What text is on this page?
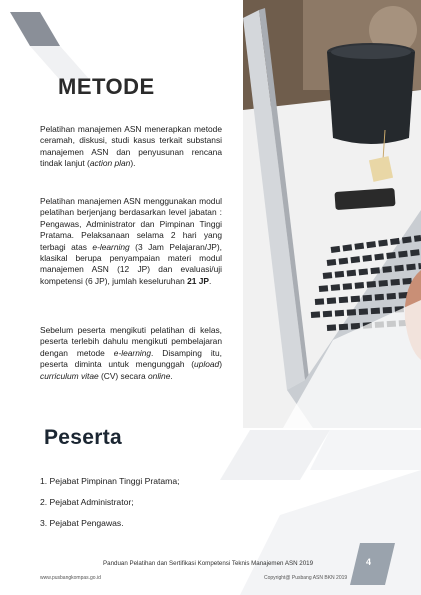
METODE

Pelatihan manajemen ASN menerapkan metode ceramah, diskusi, studi kasus terkait substansi manajemen ASN dan penyusunan rencana tindak lanjut (action plan).

Pelatihan manajemen ASN menggunakan modul pelatihan berjenjang berdasarkan level jabatan : Pengawas, Administrator dan Pimpinan Tinggi Pratama. Pelaksanaan selama 2 hari yang terbagi atas e-learning (3 Jam Pelajaran/JP), klasikal berupa penyampaian materi modul manajemen ASN (12 JP) dan evaluasi/uji kompetensi (6 JP), jumlah keseluruhan 21 JP.

Sebelum peserta mengikuti pelatihan di kelas, peserta terlebih dahulu mengikuti pembelajaran dengan metode e-learning. Disamping itu, peserta diminta untuk mengunggah (upload) curriculum vitae (CV) secara online.

Peserta
1. Pejabat Pimpinan Tinggi Pratama;
2. Pejabat Administrator;
3. Pejabat Pengawas.
Panduan Pelatihan dan Sertifikasi Kompetensi Teknis Manajemen ASN 2019
www.pusbangkompas.go.id	Copyright@ Pusbang ASN BKN 2019
4
